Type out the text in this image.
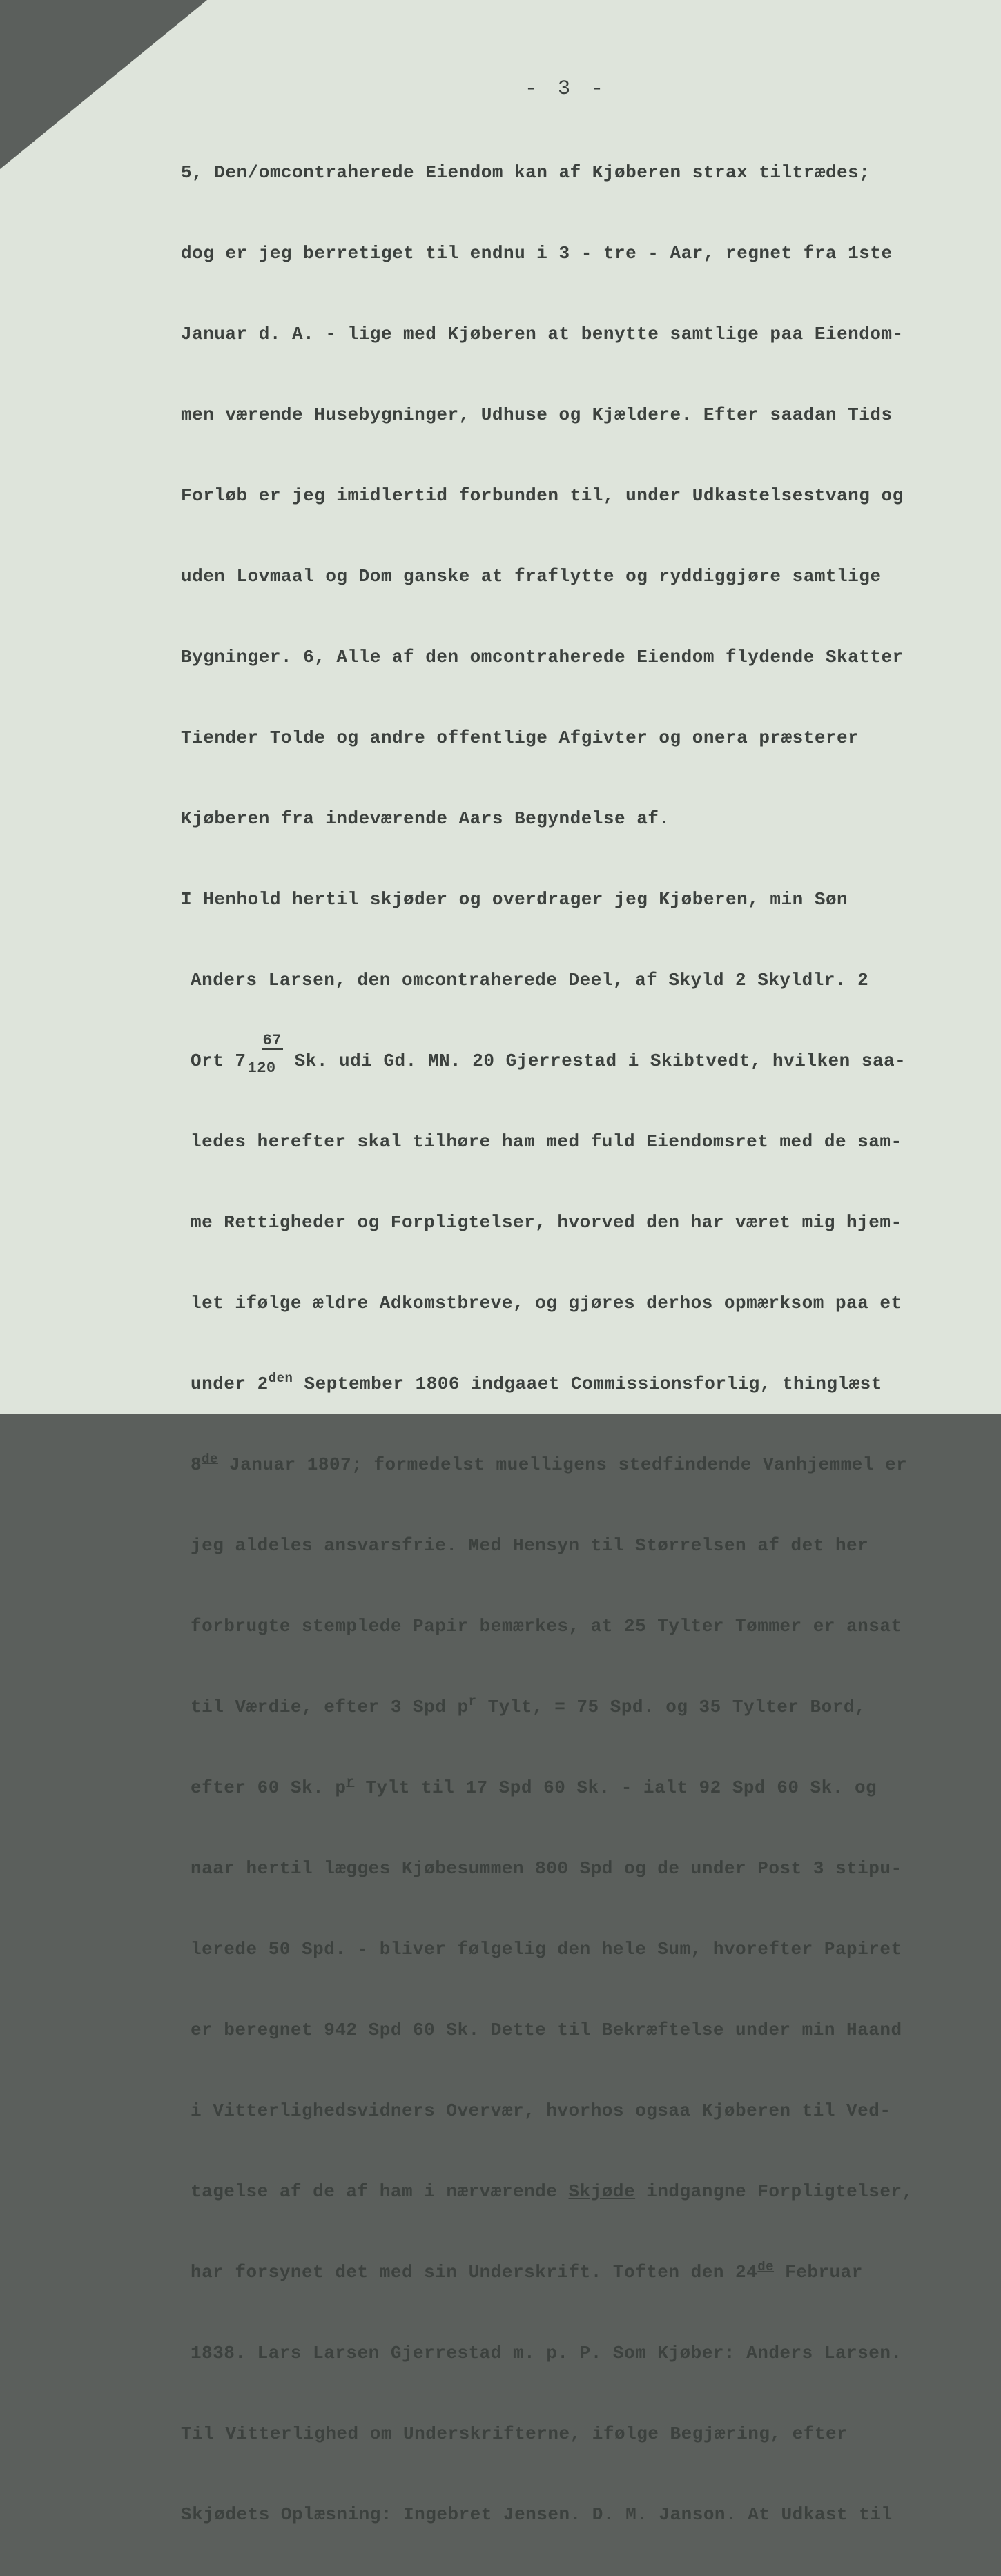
- 3 -

5, Den/omcontraherede Eiendom kan af Kjøberen strax tiltrædes;

dog er jeg berretiget til endnu i 3 - tre - Aar, regnet fra 1ste

Januar d. A. - lige med Kjøberen at benytte samtlige paa Eiendom-

men værende Husebygninger, Udhuse og Kjældere. Efter saadan Tids

Forløb er jeg imidlertid forbunden til, under Udkastelsestvang og

uden Lovmaal og Dom ganske at fraflytte og ryddiggjøre samtlige

Bygninger. 6, Alle af den omcontraherede Eiendom flydende Skatter

Tiender Tolde og andre offentlige Afgivter og onera præsterer

Kjøberen fra indeværende Aars Begyndelse af.

I Henhold hertil skjøder og overdrager jeg Kjøberen, min Søn

Anders Larsen, den omcontraherede Deel, af Skyld 2 Skyldlr. 2

Ort $7 \frac{67}{120} Sk$. udi Gd. MN. 20 Gjerrestad i Skibtvedt, hvilken saa-

ledes herefter skal tilhøre ham med fuld Eiendomsret med de sam-

me Rettigheder og Forpligtelser, hvorved den har været mig hjem-

let ifølge ældre Adkomstbreve, og gjøres derhos opmærksom paa et

under $2^{den}$ September 1806 indgaaet Commissionsforlig, thinglæst

8de Januar 1807; formedelst muelligens stedfindende Vanhjemmel er

jeg aldeles ansvarsfrie. Med Hensyn til Størrelsen af det her

forbrugte stemplede Papir bemærkes, at 25 Tylter Tømmer er ansat

til Værdie, efter 3 Spd $p^r$ Tylt, = 75 Spd. og 35 Tylter Bord,

efter 60 Sk. $p^r$ Tylt til 17 Spd 60 Sk. - ialt 92 Spd 60 Sk. og

naar hertil lægges Kjøbesummen 800 Spd og de under Post 3 stipu-

lerede 50 Spd. - bliver følgelig den hele Sum, hvorefter Papiret

er beregnet 942 Spd 60 Sk. Dette til Bekræftelse under min Haand

i Vitterlighedsvidners Overvær, hvorhos ogsaa Kjøberen til Ved-

tagelse af de af ham i nærværende Skjøde indgangne Forpligtelser,

har forsynet det med sin Underskrift. Toften den 24de Februar

1838. Lars Larsen Gjerrestad m. p. P. Som Kjøber: Anders Larsen.

Til Vitterlighed om Underskrifterne, ifølge Begjæring, efter

Skjødets Oplæsning: Ingebret Jensen. D. M. Janson. At Udkast til
